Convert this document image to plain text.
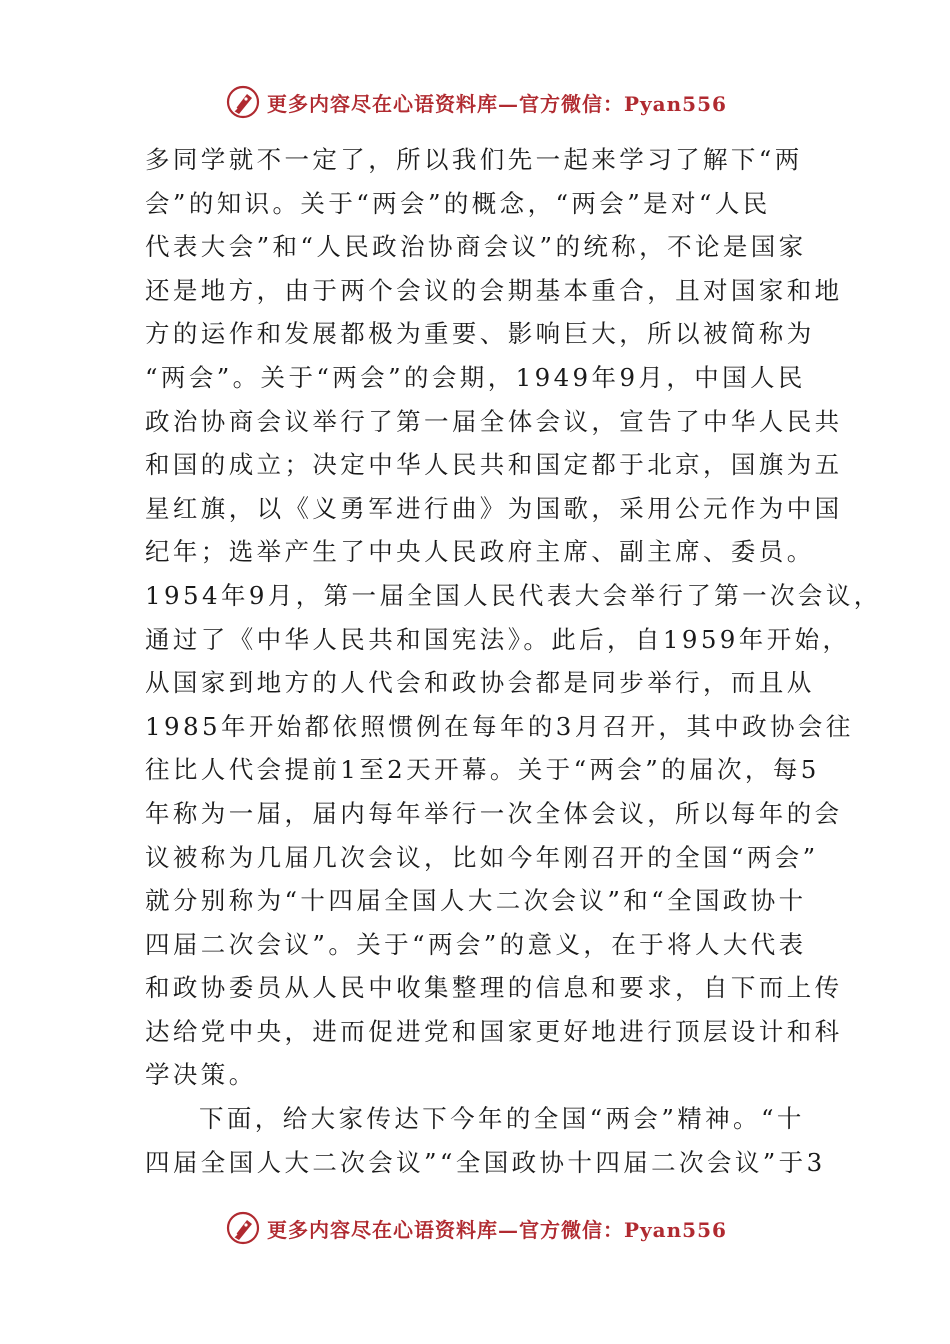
更多内容尽在心语资料库—官方微信：Pyan556
多同学就不一定了，所以我们先一起来学习了解下“两
会”的知识。关于“两会”的概念，“两会”是对“人民
代表大会”和“人民政治协商会议”的统称，不论是国家
还是地方，由于两个会议的会期基本重合，且对国家和地
方的运作和发展都极为重要、影响巨大，所以被简称为
“两会”。关于“两会”的会期，1949年9月，中国人民
政治协商会议举行了第一届全体会议，宣告了中华人民共
和国的成立；决定中华人民共和国定都于北京，国旗为五
星红旗，以《义勇军进行曲》为国歌，采用公元作为中国
纪年；选举产生了中央人民政府主席、副主席、委员。
1954年9月，第一届全国人民代表大会举行了第一次会议，
通过了《中华人民共和国宪法》。此后，自1959年开始，
从国家到地方的人代会和政协会都是同步举行，而且从
1985年开始都依照惯例在每年的3月召开，其中政协会往
往比人代会提前1至2天开幕。关于“两会”的届次，每5
年称为一届，届内每年举行一次全体会议，所以每年的会
议被称为几届几次会议，比如今年刚召开的全国“两会”
就分别称为“十四届全国人大二次会议”和“全国政协十
四届二次会议”。关于“两会”的意义，在于将人大代表
和政协委员从人民中收集整理的信息和要求，自下而上传
达给党中央，进而促进党和国家更好地进行顶层设计和科
学决策。
下面，给大家传达下今年的全国“两会”精神。“十
四届全国人大二次会议”“全国政协十四届二次会议”于3
更多内容尽在心语资料库—官方微信：Pyan556
